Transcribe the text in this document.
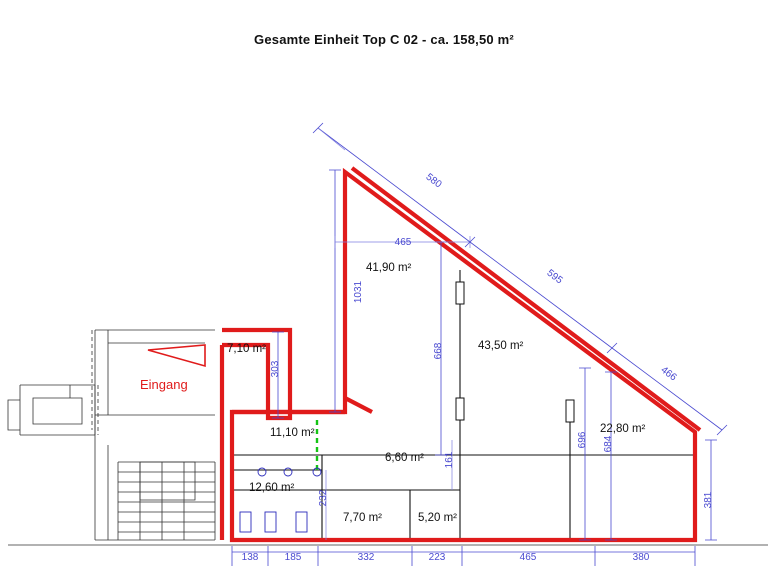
Gesamte Einheit Top C 02 - ca. 158,50 m²
Eingang
41,90 m²
43,50 m²
22,80 m²
7,10 m²
11,10 m²
12,60 m²
6,60 m²
7,70 m²	5,20 m²
138	185	332	223	465	380
1031
303
668
161
232
696 684
381
465
580
595
466
